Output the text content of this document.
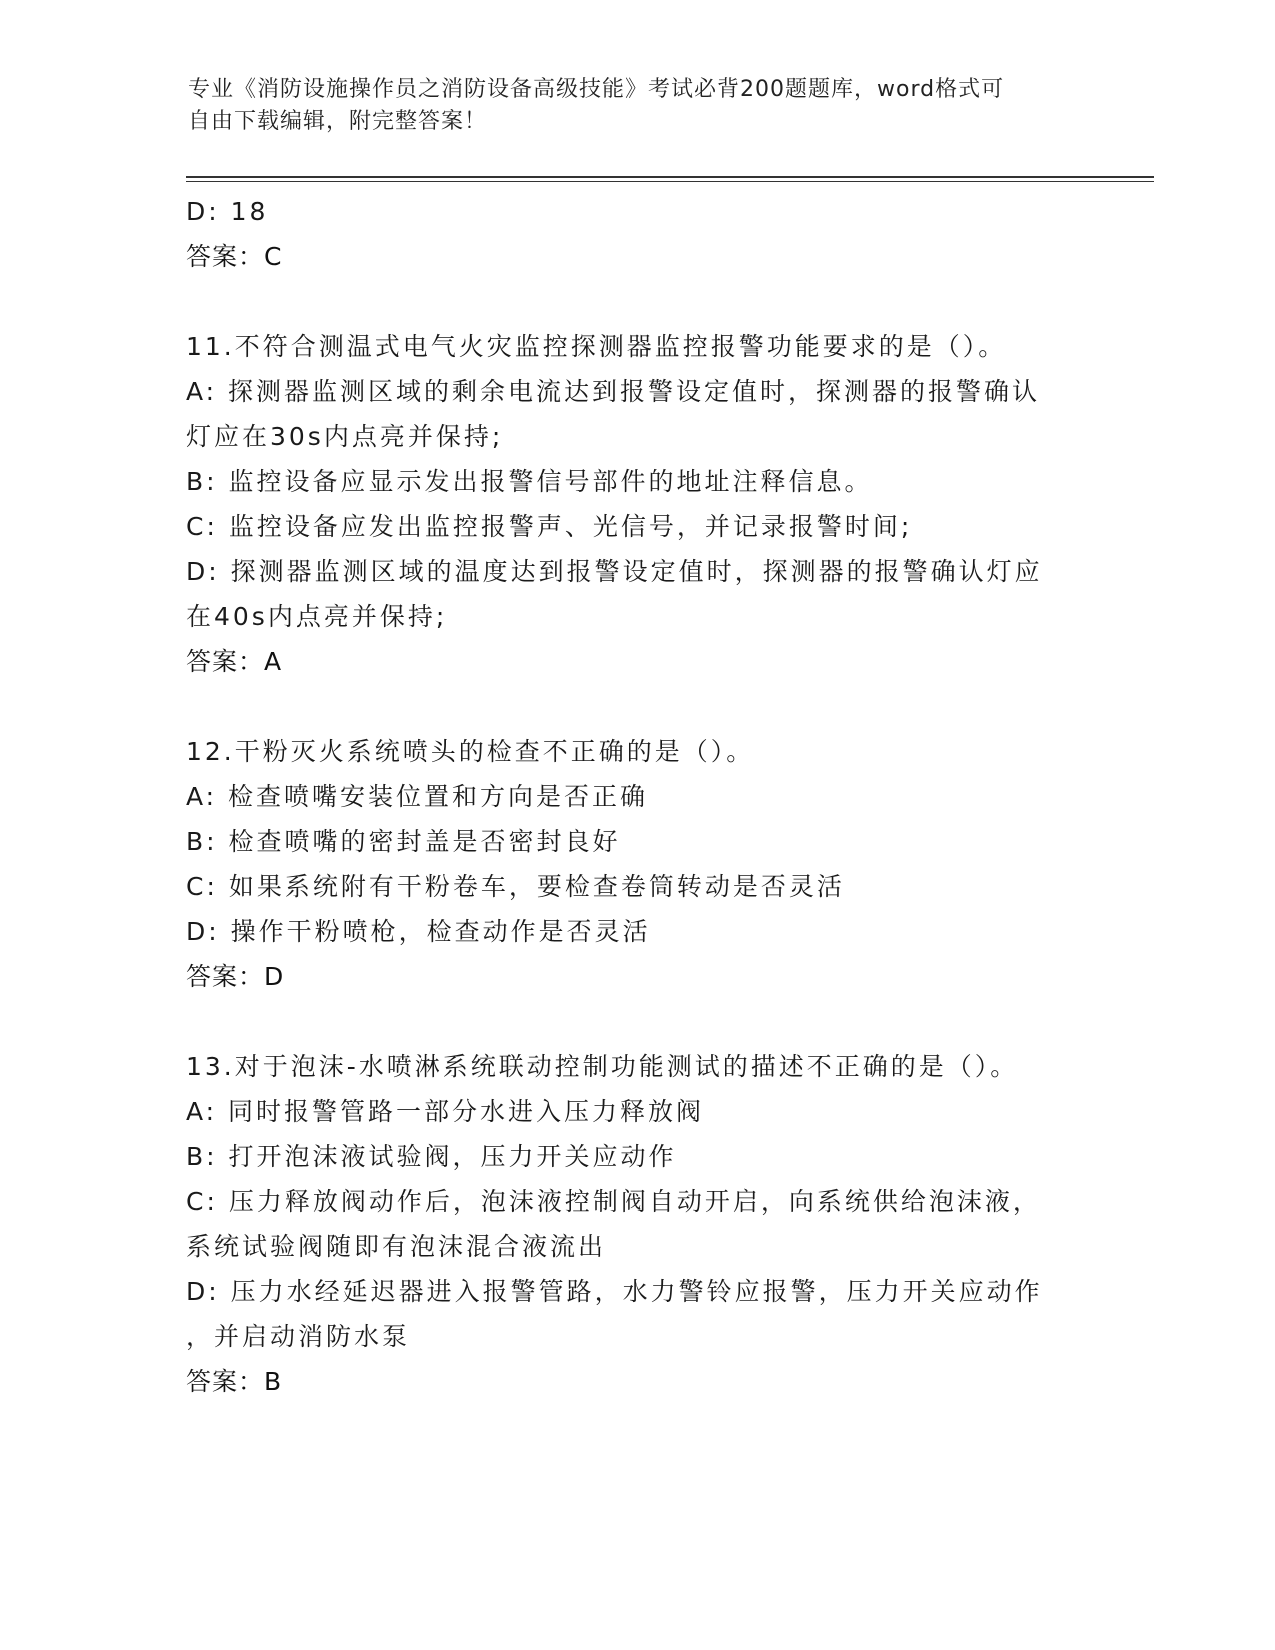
专业《消防设施操作员之消防设备高级技能》考试必背200题题库，word格式可
自由下载编辑，附完整答案！
D: 18
答案：C
11.不符合测温式电气火灾监控探测器监控报警功能要求的是（）。
A: 探测器监测区域的剩余电流达到报警设定值时，探测器的报警确认
灯应在30s内点亮并保持;
B: 监控设备应显示发出报警信号部件的地址注释信息。
C: 监控设备应发出监控报警声、光信号，并记录报警时间;
D: 探测器监测区域的温度达到报警设定值时，探测器的报警确认灯应
在40s内点亮并保持;
答案：A
12.干粉灭火系统喷头的检查不正确的是（）。
A: 检查喷嘴安装位置和方向是否正确
B: 检查喷嘴的密封盖是否密封良好
C: 如果系统附有干粉卷车，要检查卷筒转动是否灵活
D: 操作干粉喷枪，检查动作是否灵活
答案：D
13.对于泡沫-水喷淋系统联动控制功能测试的描述不正确的是（）。
A: 同时报警管路一部分水进入压力释放阀
B: 打开泡沫液试验阀，压力开关应动作
C: 压力释放阀动作后，泡沫液控制阀自动开启，向系统供给泡沫液，
系统试验阀随即有泡沫混合液流出
D: 压力水经延迟器进入报警管路，水力警铃应报警，压力开关应动作
，并启动消防水泵
答案：B
